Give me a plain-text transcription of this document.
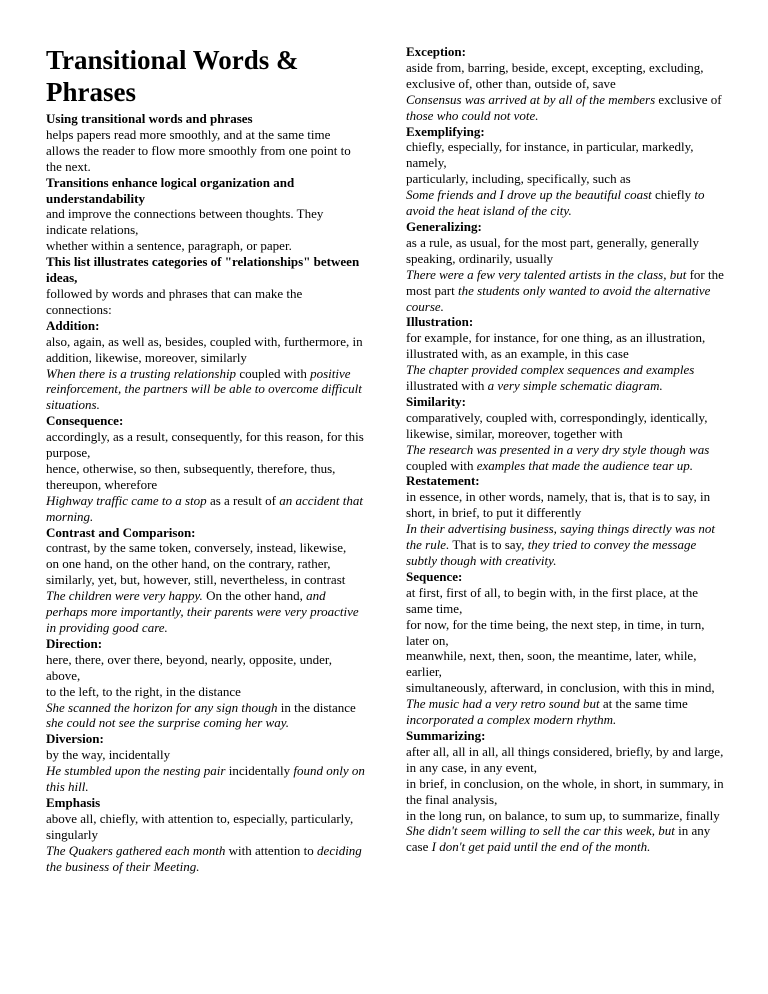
Transitional Words & Phrases

Using transitional words and phrases

helps papers read more smoothly, and at the same time allows the reader to flow more smoothly from one point to the next.

Transitions enhance logical organization and understandability

and improve the connections between thoughts. They indicate relations,

whether within a sentence, paragraph, or paper.

This list illustrates categories of "relationships" between ideas,

followed by words and phrases that can make the connections:

Addition:

also, again, as well as, besides, coupled with, furthermore, in addition, likewise, moreover, similarly

When there is a trusting relationship coupled with positive reinforcement, the partners will be able to overcome difficult situations.

Consequence:

accordingly, as a result, consequently, for this reason, for this purpose,

hence, otherwise, so then, subsequently, therefore, thus, thereupon, wherefore

Highway traffic came to a stop as a result of an accident that morning.

Contrast and Comparison:

contrast, by the same token, conversely, instead, likewise,

on one hand, on the other hand, on the contrary, rather, similarly, yet, but, however, still, nevertheless, in contrast

The children were very happy. On the other hand, and perhaps more importantly, their parents were very proactive in providing good care.

Direction:

here, there, over there, beyond, nearly, opposite, under, above,

to the left, to the right, in the distance

She scanned the horizon for any sign though in the distance she could not see the surprise coming her way.

Diversion:

by the way, incidentally

He stumbled upon the nesting pair incidentally found only on this hill.

Emphasis

above all, chiefly, with attention to, especially, particularly, singularly

The Quakers gathered each month with attention to deciding the business of their Meeting.

Exception:

aside from, barring, beside, except, excepting, excluding, exclusive of, other than, outside of, save

Consensus was arrived at by all of the members exclusive of those who could not vote.

Exemplifying:

chiefly, especially, for instance, in particular, markedly, namely,

particularly, including, specifically, such as

Some friends and I drove up the beautiful coast chiefly to avoid the heat island of the city.

Generalizing:

as a rule, as usual, for the most part, generally, generally speaking, ordinarily, usually

There were a few very talented artists in the class, but for the most part the students only wanted to avoid the alternative course.

Illustration:

for example, for instance, for one thing, as an illustration,

illustrated with, as an example, in this case

The chapter provided complex sequences and examples illustrated with a very simple schematic diagram.

Similarity:

comparatively, coupled with, correspondingly, identically, likewise, similar, moreover, together with

The research was presented in a very dry style though was coupled with examples that made the audience tear up.

Restatement:

in essence, in other words, namely, that is, that is to say, in short, in brief, to put it differently

In their advertising business, saying things directly was not the rule. That is to say, they tried to convey the message subtly though with creativity.

Sequence:

at first, first of all, to begin with, in the first place, at the same time,

for now, for the time being, the next step, in time, in turn, later on,

meanwhile, next, then, soon, the meantime, later, while, earlier,

simultaneously, afterward, in conclusion, with this in mind,

The music had a very retro sound but at the same time incorporated a complex modern rhythm.

Summarizing:

after all, all in all, all things considered, briefly, by and large, in any case, in any event,

in brief, in conclusion, on the whole, in short, in summary, in the final analysis,

in the long run, on balance, to sum up, to summarize, finally

She didn't seem willing to sell the car this week, but in any case I don't get paid until the end of the month.
